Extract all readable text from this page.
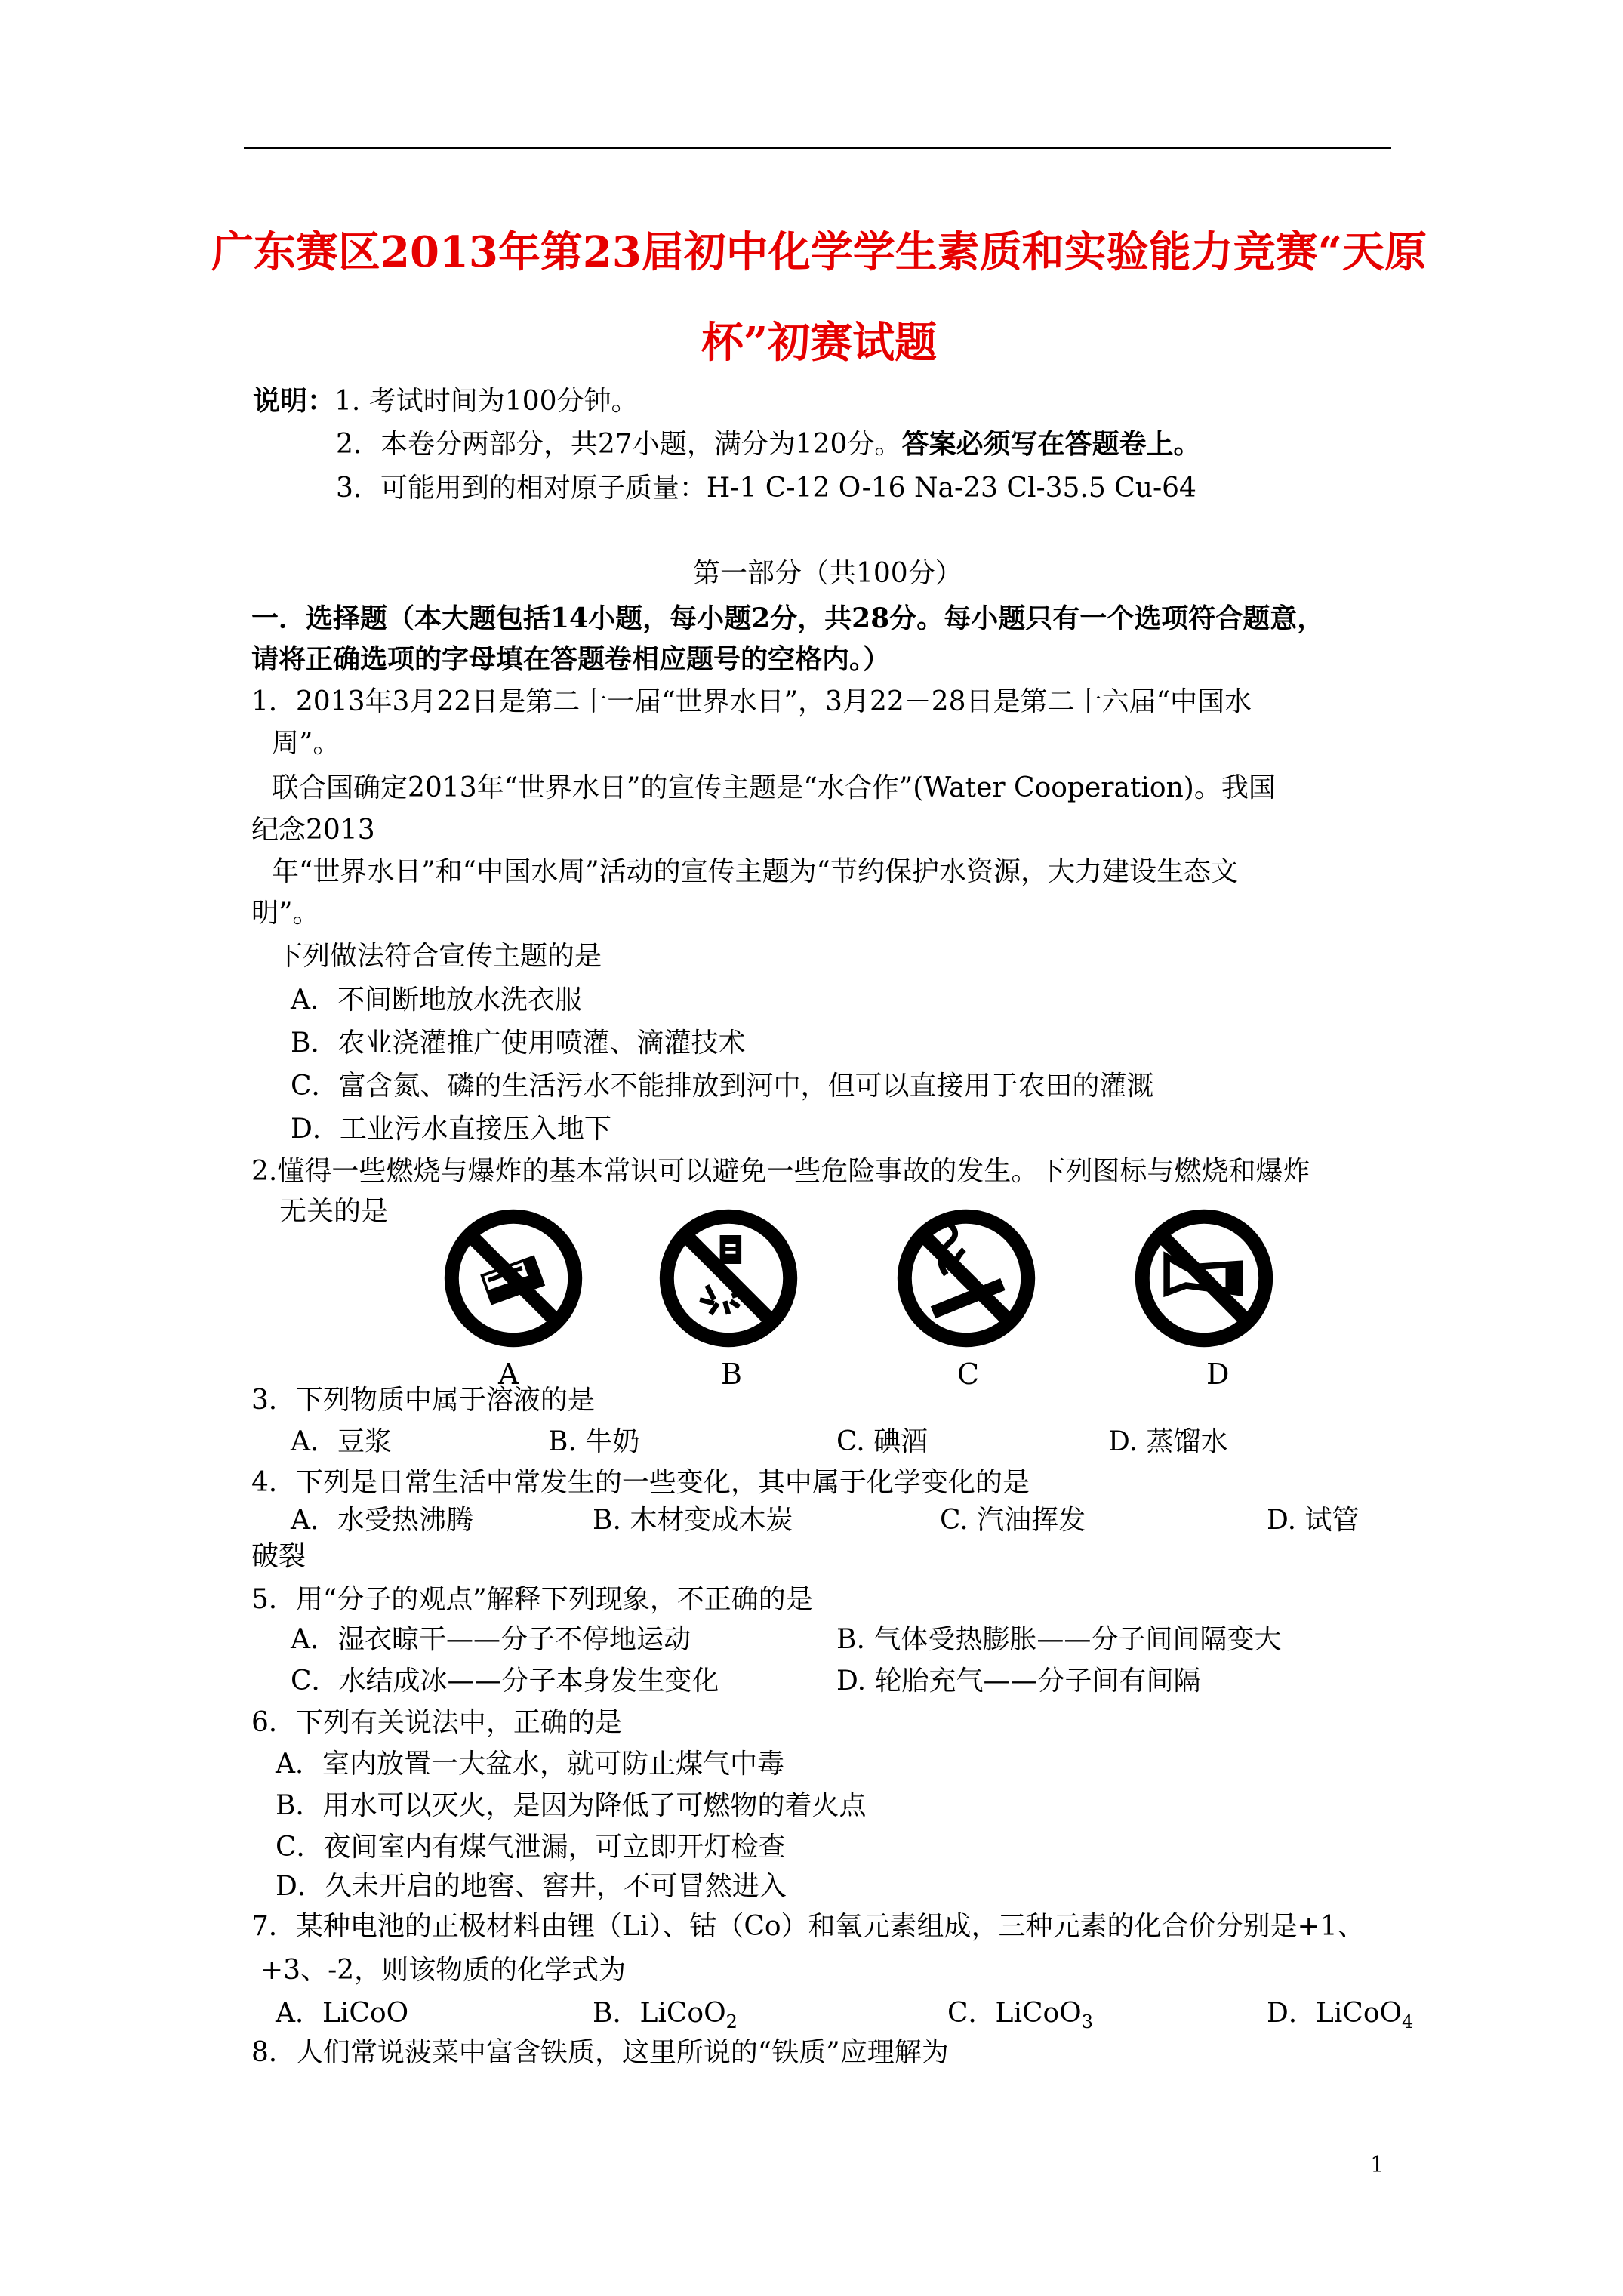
广东赛区2013年第23届初中化学学生素质和实验能力竞赛“天原
杯”初赛试题
说明：1. 考试时间为100分钟。
2．本卷分两部分，共27小题，满分为120分。答案必须写在答题卷上。
3．可能用到的相对原子质量：H-1 C-12 O-16 Na-23 Cl-35.5 Cu-64
第一部分（共100分）
一．选择题（本大题包括14小题，每小题2分，共28分。每小题只有一个选项符合题意，
请将正确选项的字母填在答题卷相应题号的空格内。）
1．2013年3月22日是第二十一届“世界水日”，3月22－28日是第二十六届“中国水
周”。
联合国确定2013年“世界水日”的宣传主题是“水合作”(Water Cooperation)。我国
纪念2013
年“世界水日”和“中国水周”活动的宣传主题为“节约保护水资源，大力建设生态文
明”。
下列做法符合宣传主题的是
A．不间断地放水洗衣服
B．农业浇灌推广使用喷灌、滴灌技术
C．富含氮、磷的生活污水不能排放到河中，但可以直接用于农田的灌溉
D．工业污水直接压入地下
2.懂得一些燃烧与爆炸的基本常识可以避免一些危险事故的发生。下列图标与燃烧和爆炸
无关的是
A	B	C	D
3．下列物质中属于溶液的是
A．豆浆	B. 牛奶	C. 碘酒	D. 蒸馏水
4．下列是日常生活中常发生的一些变化，其中属于化学变化的是
A．水受热沸腾	B. 木材变成木炭	C. 汽油挥发	D. 试管
破裂
5．用“分子的观点”解释下列现象，不正确的是
A．湿衣晾干——分子不停地运动	B. 气体受热膨胀——分子间间隔变大
C．水结成冰——分子本身发生变化	D. 轮胎充气——分子间有间隔
6．下列有关说法中，正确的是
A．室内放置一大盆水，就可防止煤气中毒
B．用水可以灭火，是因为降低了可燃物的着火点
C．夜间室内有煤气泄漏，可立即开灯检查
D．久未开启的地窖、窖井，不可冒然进入
7．某种电池的正极材料由锂（Li）、钴（Co）和氧元素组成，三种元素的化合价分别是+1、
+3、-2，则该物质的化学式为
A．LiCoO	B．LiCoO$_2$	C．LiCoO$_3$	D．LiCoO$_4$
8．人们常说菠菜中富含铁质，这里所说的“铁质”应理解为
1
